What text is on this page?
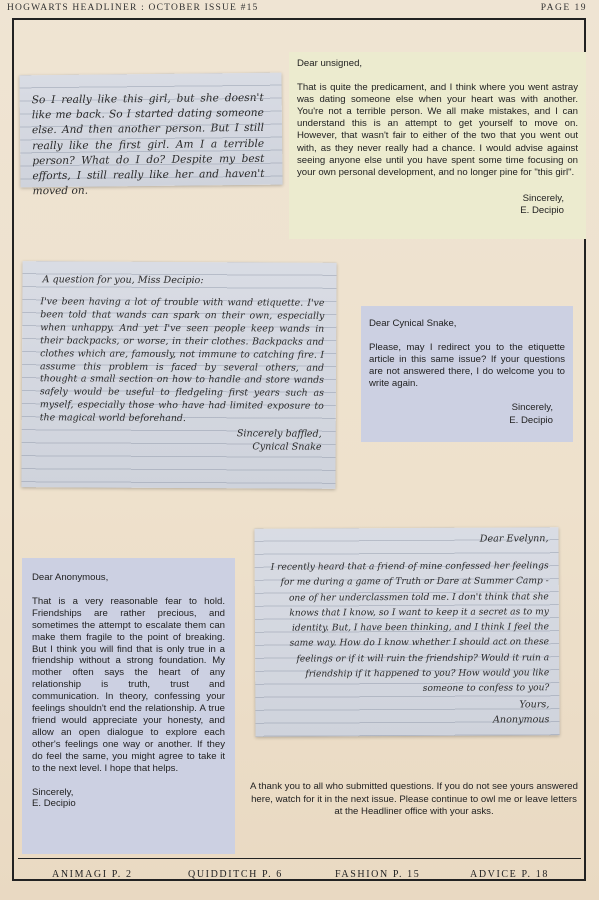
HOGWARTS HEADLINER : OCTOBER ISSUE #15	PAGE 19
So I really like this girl, but she doesn't like me back. So I started dating someone else. And then another person. But I still really like the first girl. Am I a terrible person? What do I do? Despite my best efforts, I still really like her and haven't moved on.

Dear unsigned,

That is quite the predicament, and I think where you went astray was dating someone else when your heart was with another. You're not a terrible person. We all make mistakes, and I can understand this is an attempt to get yourself to move on. However, that wasn't fair to either of the two that you went out with, as they never really had a chance. I would advise against seeing anyone else until you have spent some time focusing on your own personal development, and no longer pine for "this girl".

Sincerely,

E. Decipio

A question for you, Miss Decipio:
I've been having a lot of trouble with wand etiquette. I've been told that wands can spark on their own, especially when unhappy. And yet I've seen people keep wands in their backpacks, or worse, in their clothes. Backpacks and clothes which are, famously, not immune to catching fire. I assume this problem is faced by several others, and thought a small section on how to handle and store wands safely would be useful to fledgeling first years such as myself, especially those who have had limited exposure to the magical world beforehand.
Sincerely baffled,
Cynical Snake

Dear Cynical Snake,

Please, may I redirect you to the etiquette article in this same issue? If your questions are not answered there, I do welcome you to write again.

Sincerely,

E. Decipio

Dear Evelynn,
I recently heard that a friend of mine confessed her feelings for me during a game of Truth or Dare at Summer Camp - one of her underclassmen told me. I don't think that she knows that I know, so I want to keep it a secret as to my identity. But, I have been thinking, and I think I feel the same way. How do I know whether I should act on these feelings or if it will ruin the friendship? Would it ruin a friendship if it happened to you? How would you like someone to confess to you?
Yours,
Anonymous

Dear Anonymous,

That is a very reasonable fear to hold. Friendships are rather precious, and sometimes the attempt to escalate them can make them fragile to the point of breaking. But I think you will find that is only true in a friendship without a strong foundation. My mother often says the heart of any relationship is truth, trust and communication. In theory, confessing your feelings shouldn't end the relationship. A true friend would appreciate your honesty, and allow an open dialogue to explore each other's feelings one way or another. If they do feel the same, you might agree to take it to the next level. I hope that helps.

Sincerely,

E. Decipio

A thank you to all who submitted questions. If you do not see yours answered here, watch for it in the next issue. Please continue to owl me or leave letters at the Headliner office with your asks.
ANIMAGI P. 2	QUIDDITCH P. 6	FASHION P. 15	ADVICE P. 18
